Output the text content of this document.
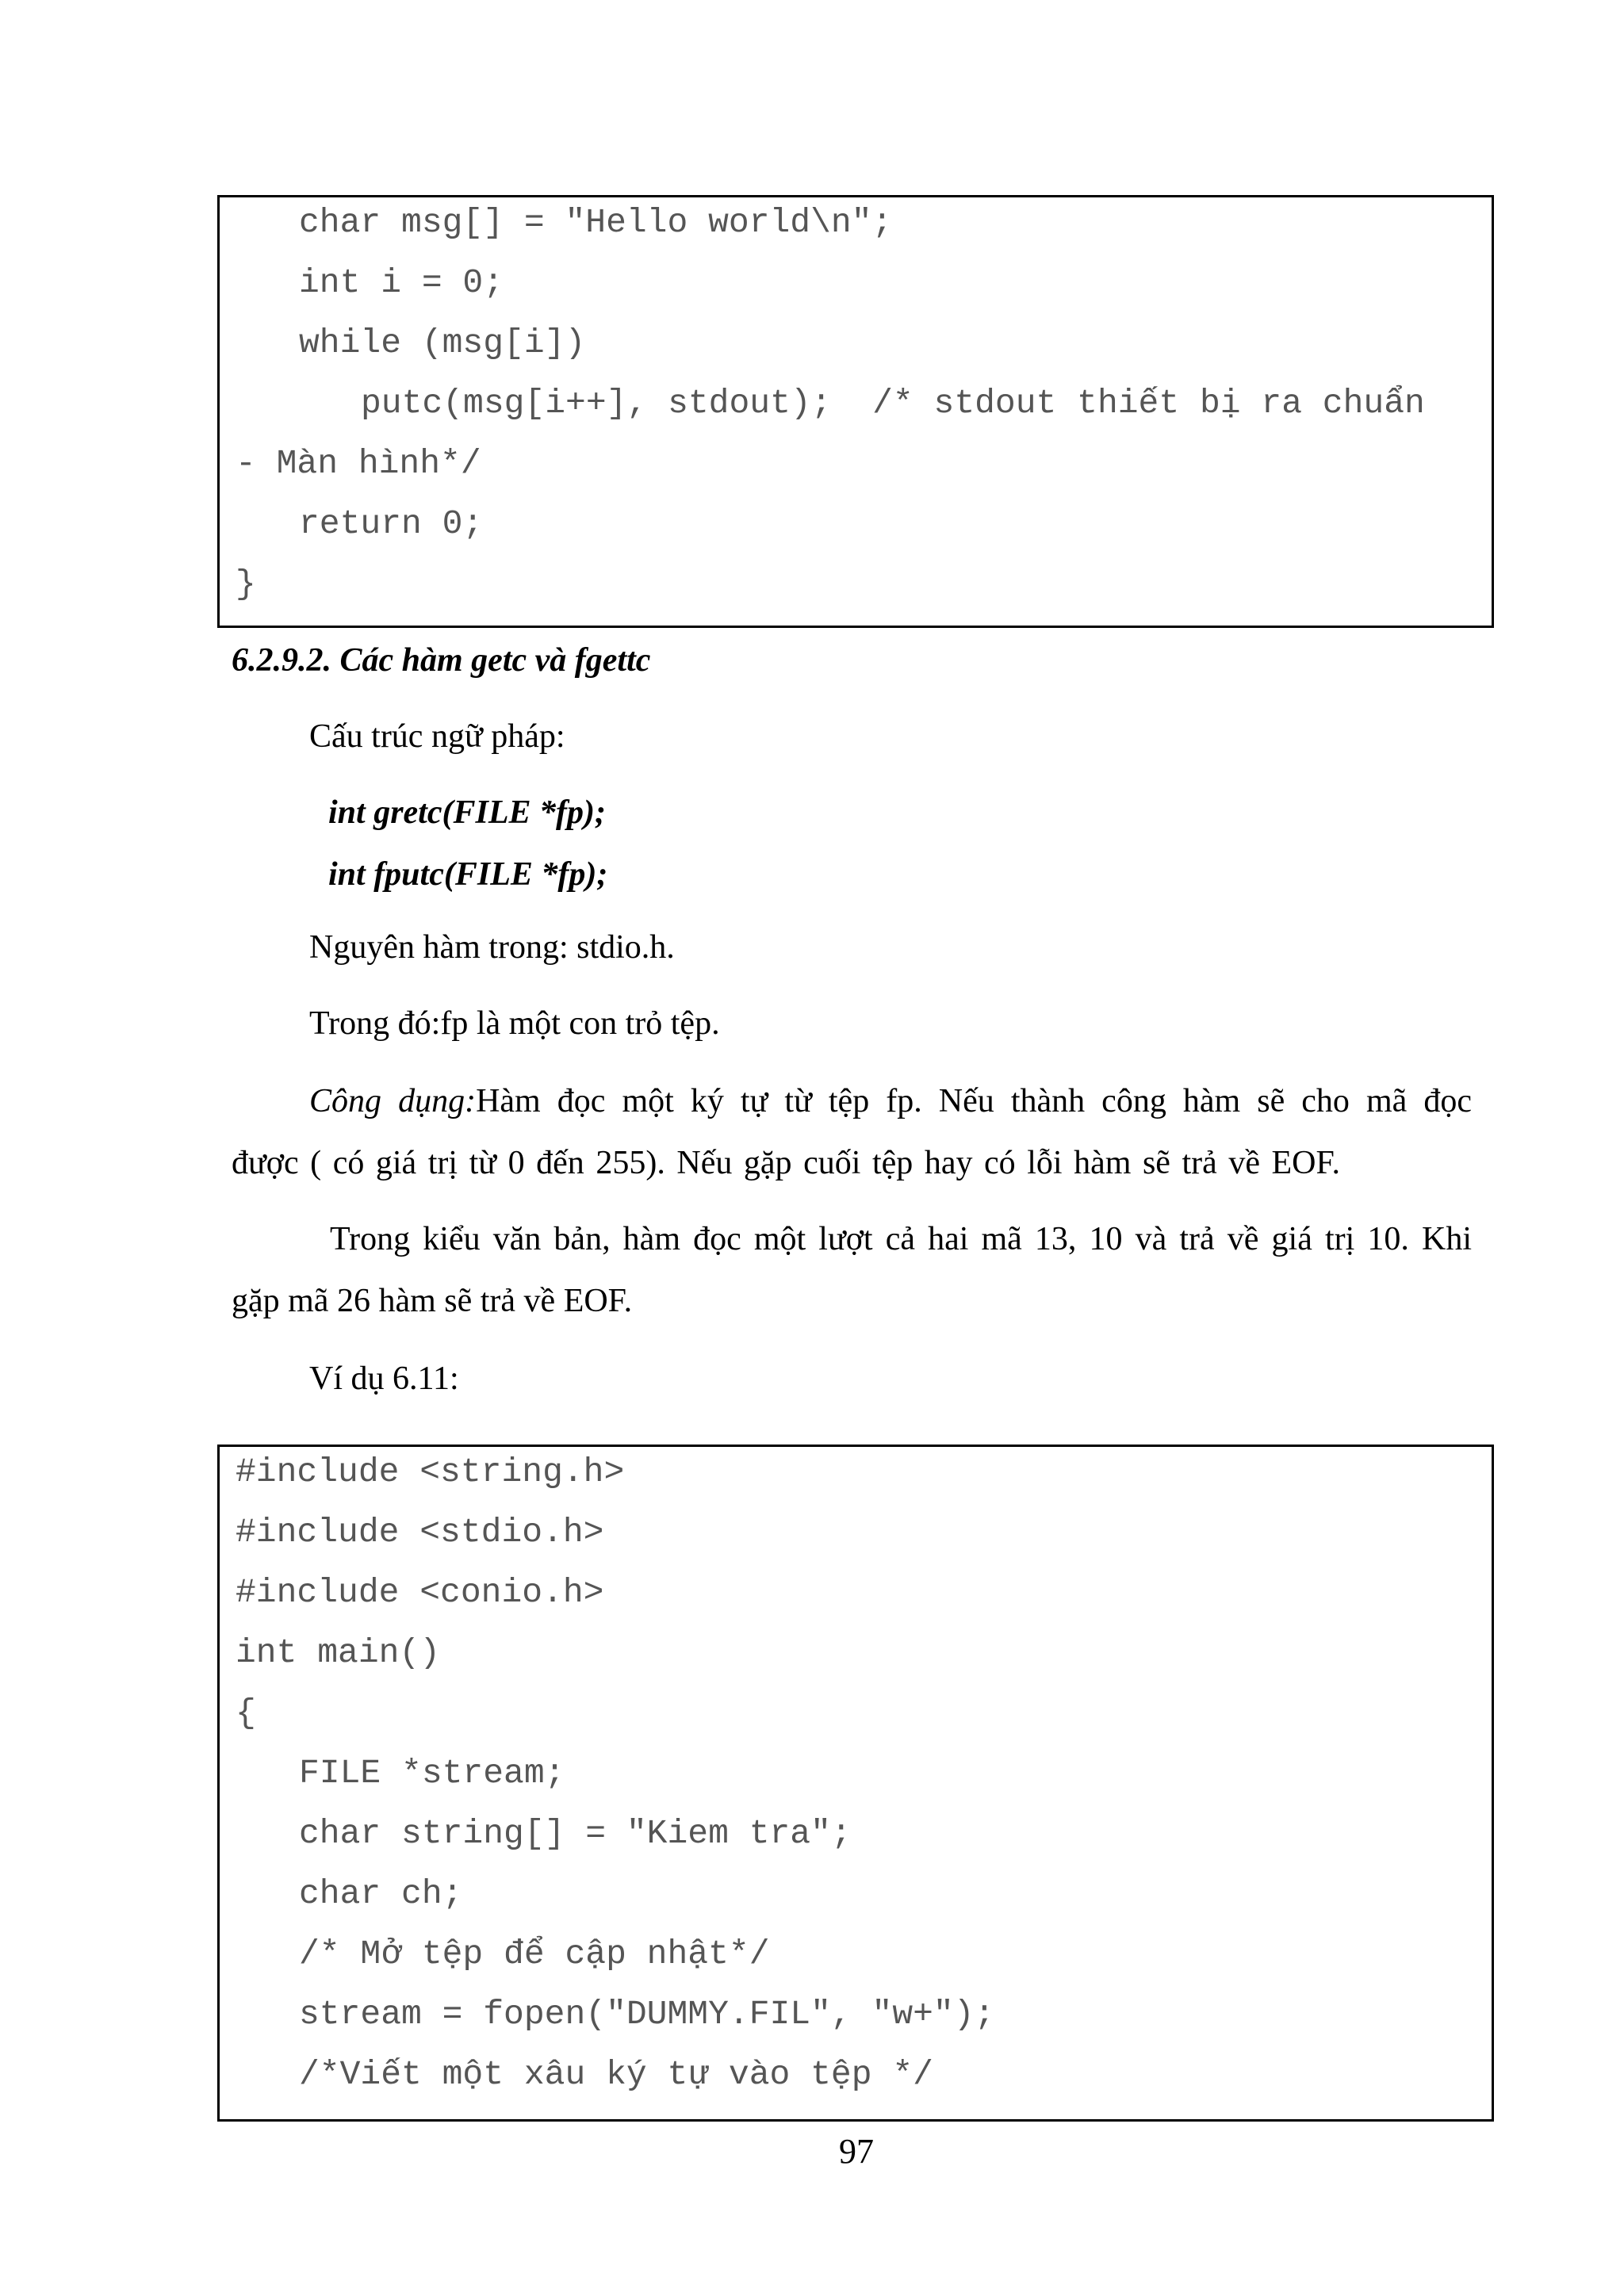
char msg[] = "Hello world\n";
int i = 0;
while (msg[i])
putc(msg[i++], stdout);  /* stdout thiết bị ra chuẩn
- Màn hình*/
return 0;
}
6.2.9.2. Các hàm getc và fgettc
Cấu trúc ngữ pháp:
int gretc(FILE *fp);
int fputc(FILE *fp);
Nguyên hàm trong: stdio.h.
Trong đó:fp là một con trỏ tệp.
Công dụng:Hàm đọc một ký tự từ tệp fp. Nếu thành công hàm sẽ cho mã đọc
được ( có giá trị từ 0 đến 255). Nếu gặp cuối tệp hay có lỗi hàm sẽ trả về EOF.
Trong kiểu văn bản, hàm đọc một lượt cả hai mã 13, 10 và trả về giá trị 10. Khi
gặp mã 26 hàm sẽ trả về EOF.
Ví dụ 6.11:
#include <string.h>
#include <stdio.h>
#include <conio.h>
int main()
{
FILE *stream;
char string[] = "Kiem tra";
char ch;
/* Mở tệp để cập nhật*/
stream = fopen("DUMMY.FIL", "w+");
/*Viết một xâu ký tự vào tệp */
97
